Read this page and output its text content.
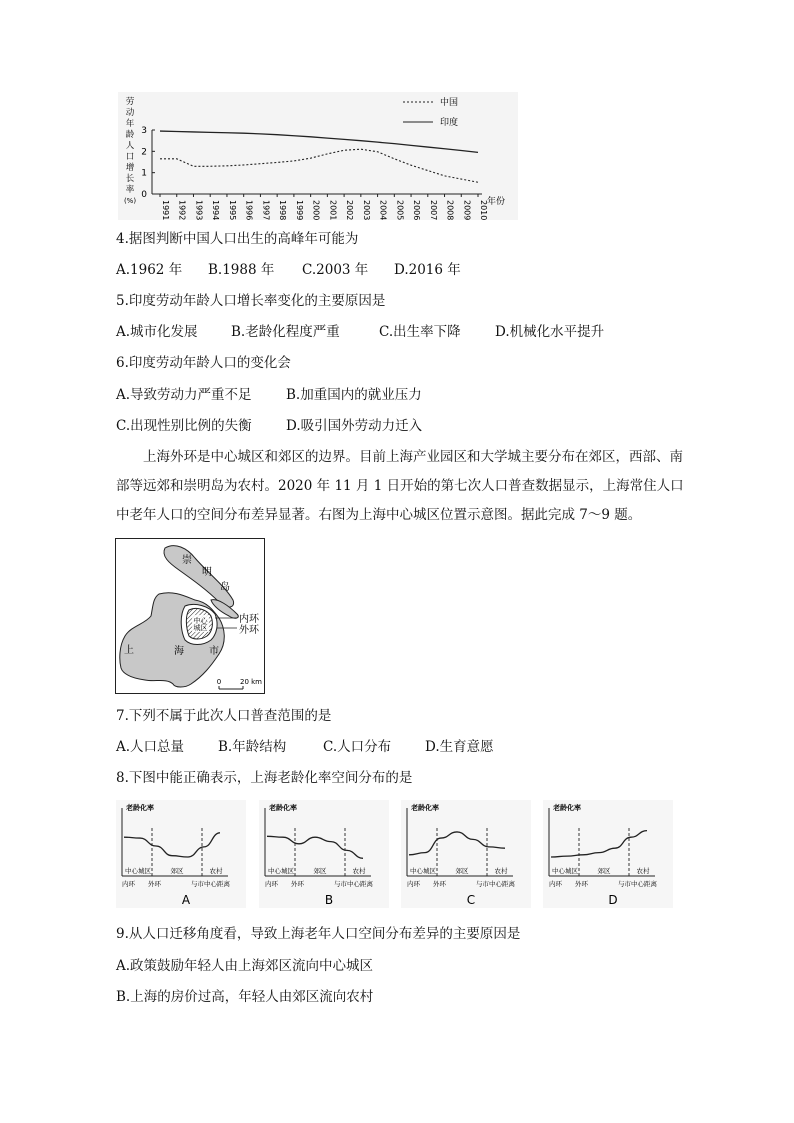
劳
动
年
龄
人
口
增
长
率
(%)
0
1
2
3
1991 1992 1993 1994 1995 1996 1997 1998 1999 2000 2001 2002 2003 2004 2005 2006 2007 2008 2009 2010 年份
中国
印度
4.据图判断中国人口出生的高峰年可能为
A.1962 年 B.1988 年 C.2003 年 D.2016 年
5.印度劳动年龄人口增长率变化的主要原因是
A.城市化发展 B.老龄化程度严重	C.出生率下降	D.机械化水平提升
6.印度劳动年龄人口的变化会
A.导致劳动力严重不足	B.加重国内的就业压力
C.出现性别比例的失衡	D.吸引国外劳动力迁入
上海外环是中心城区和郊区的边界。目前上海产业园区和大学城主要分布在郊区，西部、南部等远郊和崇明岛为农村。2020 年 11 月 1 日开始的第七次人口普查数据显示，上海常住人口中老年人口的空间分布差异显著。右图为上海中心城区位置示意图。据此完成 7～9 题。
中心
城区
内环
外环
崇
明
岛
上	海	市
0	20 km
7.下列不属于此次人口普查范围的是
A.人口总量	B.年龄结构	C.人口分布	D.生育意愿
8.下图中能正确表示，上海老龄化率空间分布的是
老龄化率
中心城区	郊区	农村
内环 外环	与市中心距离
A
老龄化率
中心城区	郊区	农村
内环 外环	与市中心距离
B
老龄化率
中心城区	郊区	农村
内环 外环	与市中心距离
C
老龄化率
中心城区	郊区	农村
内环 外环	与市中心距离
D
9.从人口迁移角度看，导致上海老年人口空间分布差异的主要原因是
A.政策鼓励年轻人由上海郊区流向中心城区
B.上海的房价过高，年轻人由郊区流向农村
